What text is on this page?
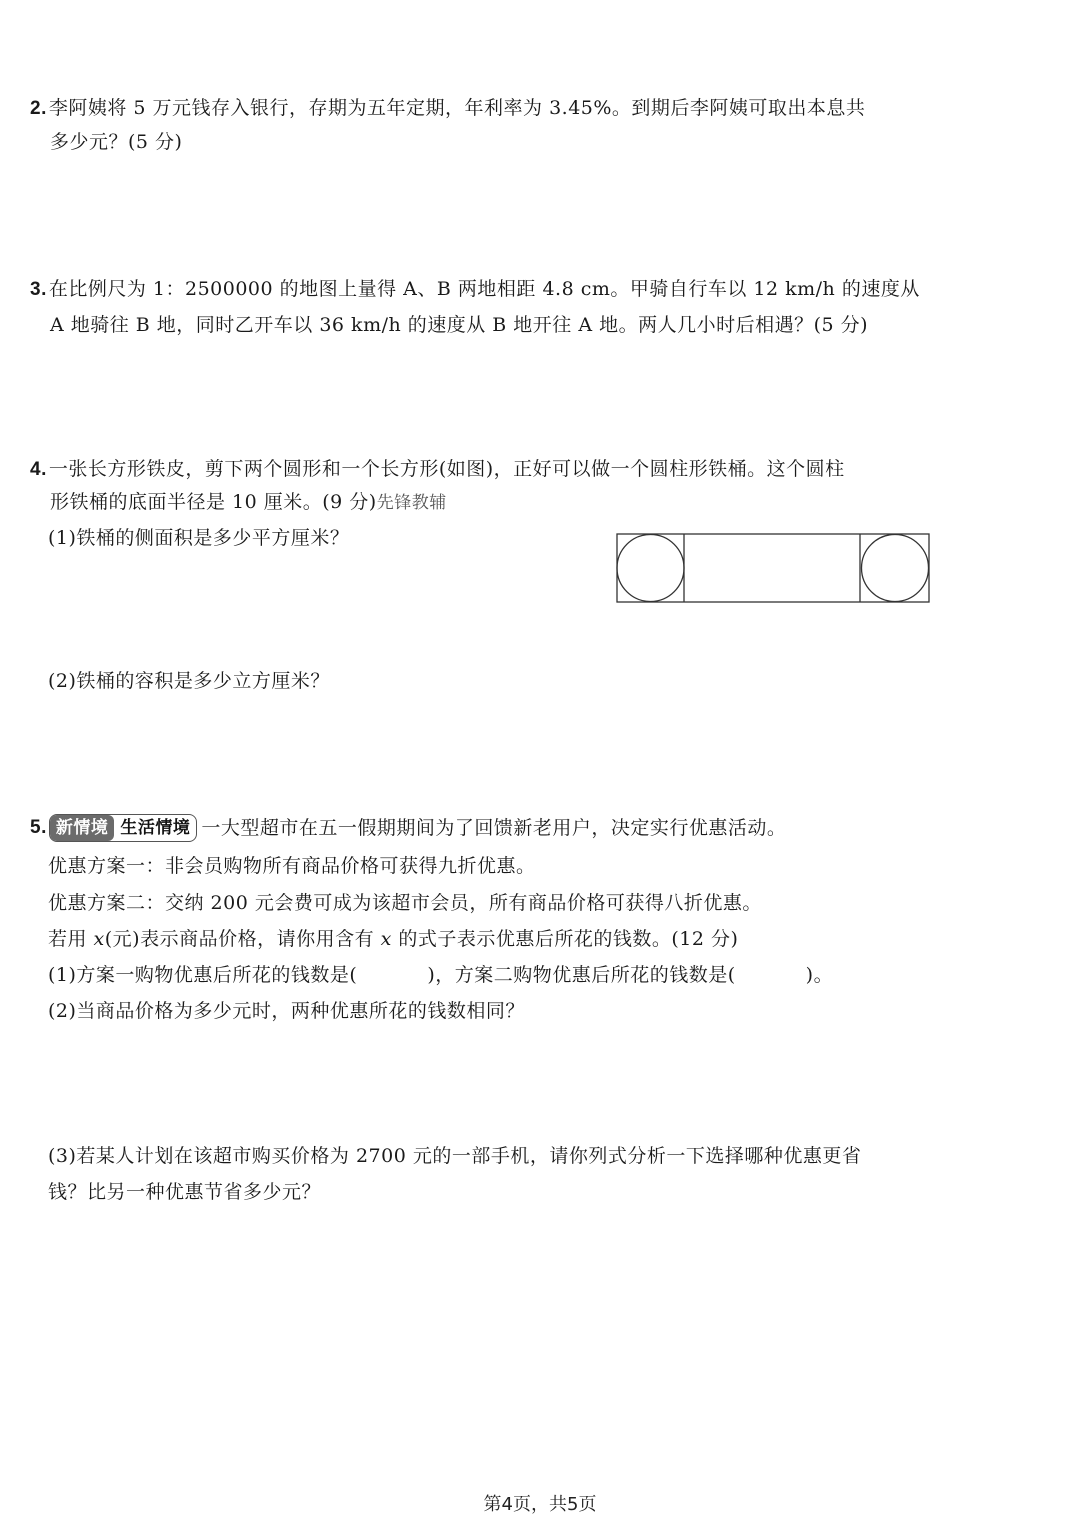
2. 李阿姨将 5 万元钱存入银行，存期为五年定期，年利率为 3.45%。到期后李阿姨可取出本息共
多少元？(5 分)
3. 在比例尺为 1：2500000 的地图上量得 A、B 两地相距 4.8 cm。甲骑自行车以 12 km/h 的速度从
A 地骑往 B 地，同时乙开车以 36 km/h 的速度从 B 地开往 A 地。两人几小时后相遇？(5 分)
4. 一张长方形铁皮，剪下两个圆形和一个长方形(如图)，正好可以做一个圆柱形铁桶。这个圆柱
形铁桶的底面半径是 10 厘米。(9 分)先锋教辅
(1)铁桶的侧面积是多少平方厘米？
(2)铁桶的容积是多少立方厘米？
5. 新情境 生活情境 一大型超市在五一假期期间为了回馈新老用户，决定实行优惠活动。
优惠方案一：非会员购物所有商品价格可获得九折优惠。
优惠方案二：交纳 200 元会费可成为该超市会员，所有商品价格可获得八折优惠。
若用 x(元)表示商品价格，请你用含有 x 的式子表示优惠后所花的钱数。(12 分)
(1)方案一购物优惠后所花的钱数是(	)，方案二购物优惠后所花的钱数是(	)。
(2)当商品价格为多少元时，两种优惠所花的钱数相同？
(3)若某人计划在该超市购买价格为 2700 元的一部手机，请你列式分析一下选择哪种优惠更省
钱？比另一种优惠节省多少元？
第4页，共5页
